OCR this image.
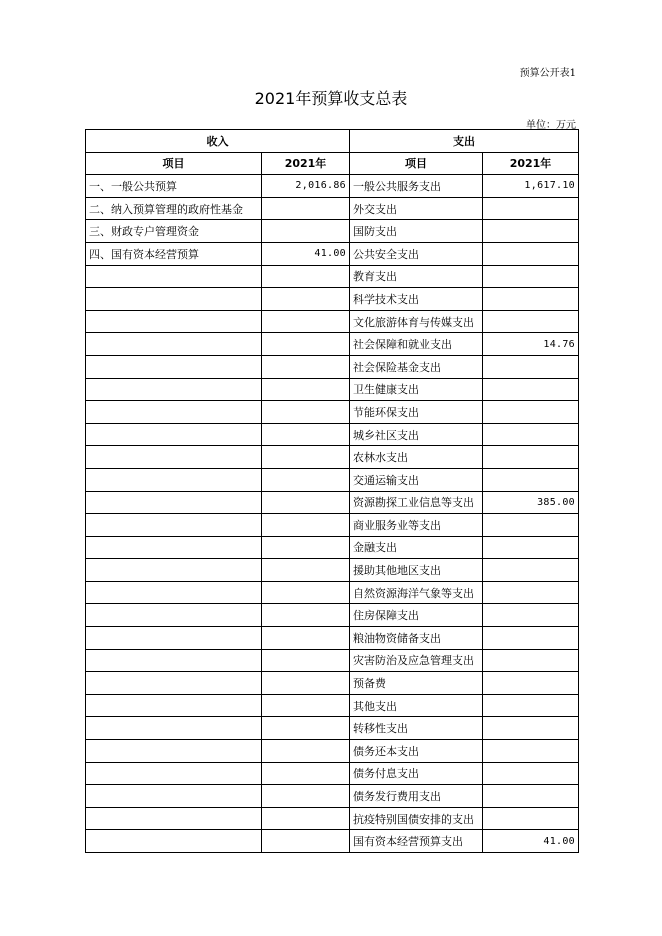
预算公开表1
2021年预算收支总表
单位：万元
收入		支出	
项目	2021年	项目	2021年
一、一般公共预算	2,016.86	一般公共服务支出	1,617.10
二、纳入预算管理的政府性基金		外交支出	
三、财政专户管理资金		国防支出	
四、国有资本经营预算	41.00	公共安全支出	
		教育支出	
		科学技术支出	
		文化旅游体育与传媒支出	
		社会保障和就业支出	14.76
		社会保险基金支出	
		卫生健康支出	
		节能环保支出	
		城乡社区支出	
		农林水支出	
		交通运输支出	
		资源勘探工业信息等支出	385.00
		商业服务业等支出	
		金融支出	
		援助其他地区支出	
		自然资源海洋气象等支出	
		住房保障支出	
		粮油物资储备支出	
		灾害防治及应急管理支出	
		预备费	
		其他支出	
		转移性支出	
		债务还本支出	
		债务付息支出	
		债务发行费用支出	
		抗疫特别国债安排的支出	
		国有资本经营预算支出	41.00
